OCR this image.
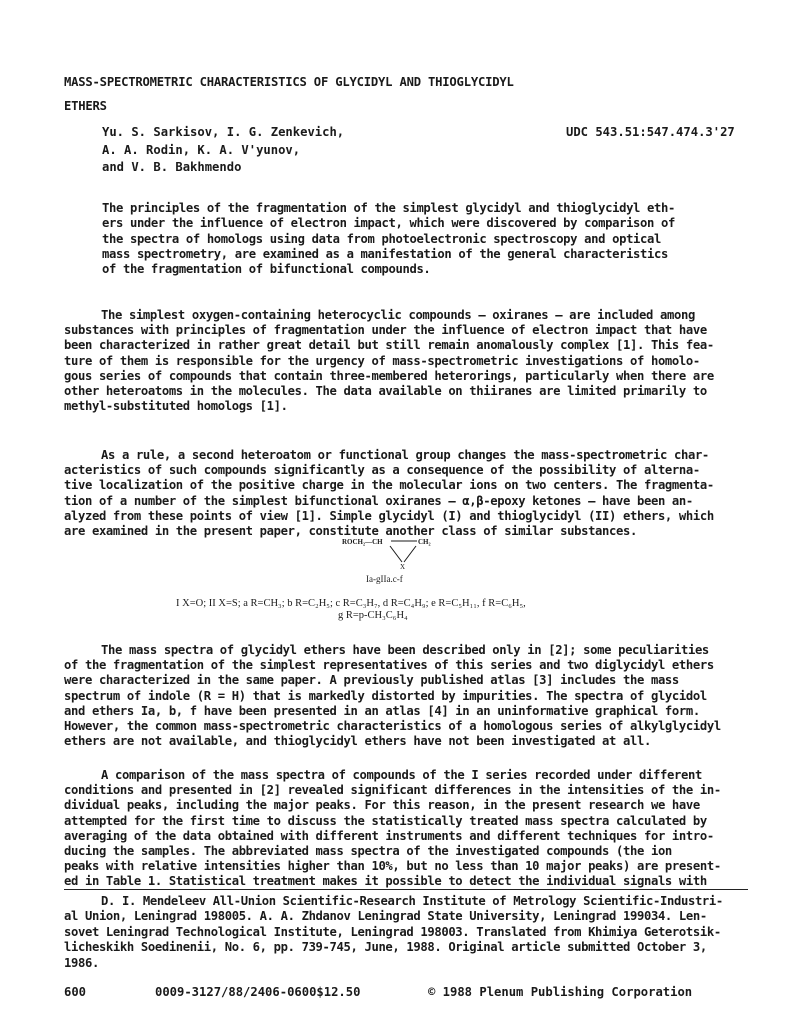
MASS-SPECTROMETRIC CHARACTERISTICS OF GLYCIDYL AND THIOGLYCIDYL
ETHERS
Yu. S. Sarkisov, I. G. Zenkevich,
A. A. Rodin, K. A. V'yunov,
and V. B. Bakhmendo
UDC 543.51:547.474.3'27
The principles of the fragmentation of the simplest glycidyl and thioglycidyl eth-
ers under the influence of electron impact, which were discovered by comparison of
the spectra of homologs using data from photoelectronic spectroscopy and optical
mass spectrometry, are examined as a manifestation of the general characteristics
of the fragmentation of bifunctional compounds.
The simplest oxygen-containing heterocyclic compounds — oxiranes — are included among
substances with principles of fragmentation under the influence of electron impact that have
been characterized in rather great detail but still remain anomalously complex [1]. This fea-
ture of them is responsible for the urgency of mass-spectrometric investigations of homolo-
gous series of compounds that contain three-membered heterorings, particularly when there are
other heteroatoms in the molecules. The data available on thiiranes are limited primarily to
methyl-substituted homologs [1].
As a rule, a second heteroatom or functional group changes the mass-spectrometric char-
acteristics of such compounds significantly as a consequence of the possibility of alterna-
tive localization of the positive charge in the molecular ions on two centers. The fragmenta-
tion of a number of the simplest bifunctional oxiranes — α,β-epoxy ketones — have been an-
alyzed from these points of view [1]. Simple glycidyl (I) and thioglycidyl (II) ethers, which
are examined in the present paper, constitute another class of similar substances.
ROCH₂—CH	CH₂
X
Ia-gIIa.c-f
I X=O; II X=S; a R=CH₃; b R=C₂H₅; c R=C₃H₇, d R=C₄H₉; e R=C₅H₁₁, f R=C₆H₅,
g R=p-CH₃C₆H₄
The mass spectra of glycidyl ethers have been described only in [2]; some peculiarities
of the fragmentation of the simplest representatives of this series and two diglycidyl ethers
were characterized in the same paper. A previously published atlas [3] includes the mass
spectrum of indole (R = H) that is markedly distorted by impurities. The spectra of glycidol
and ethers Ia, b, f have been presented in an atlas [4] in an uninformative graphical form.
However, the common mass-spectrometric characteristics of a homologous series of alkylglycidyl
ethers are not available, and thioglycidyl ethers have not been investigated at all.
A comparison of the mass spectra of compounds of the I series recorded under different
conditions and presented in [2] revealed significant differences in the intensities of the in-
dividual peaks, including the major peaks. For this reason, in the present research we have
attempted for the first time to discuss the statistically treated mass spectra calculated by
averaging of the data obtained with different instruments and different techniques for intro-
ducing the samples. The abbreviated mass spectra of the investigated compounds (the ion
peaks with relative intensities higher than 10%, but no less than 10 major peaks) are present-
ed in Table 1. Statistical treatment makes it possible to detect the individual signals with
D. I. Mendeleev All-Union Scientific-Research Institute of Metrology Scientific-Industri-
al Union, Leningrad 198005. A. A. Zhdanov Leningrad State University, Leningrad 199034. Len-
sovet Leningrad Technological Institute, Leningrad 198003. Translated from Khimiya Geterotsik-
licheskikh Soedinenii, No. 6, pp. 739-745, June, 1988. Original article submitted October 3,
1986.
600	0009-3127/88/2406-0600$12.50	© 1988 Plenum Publishing Corporation
